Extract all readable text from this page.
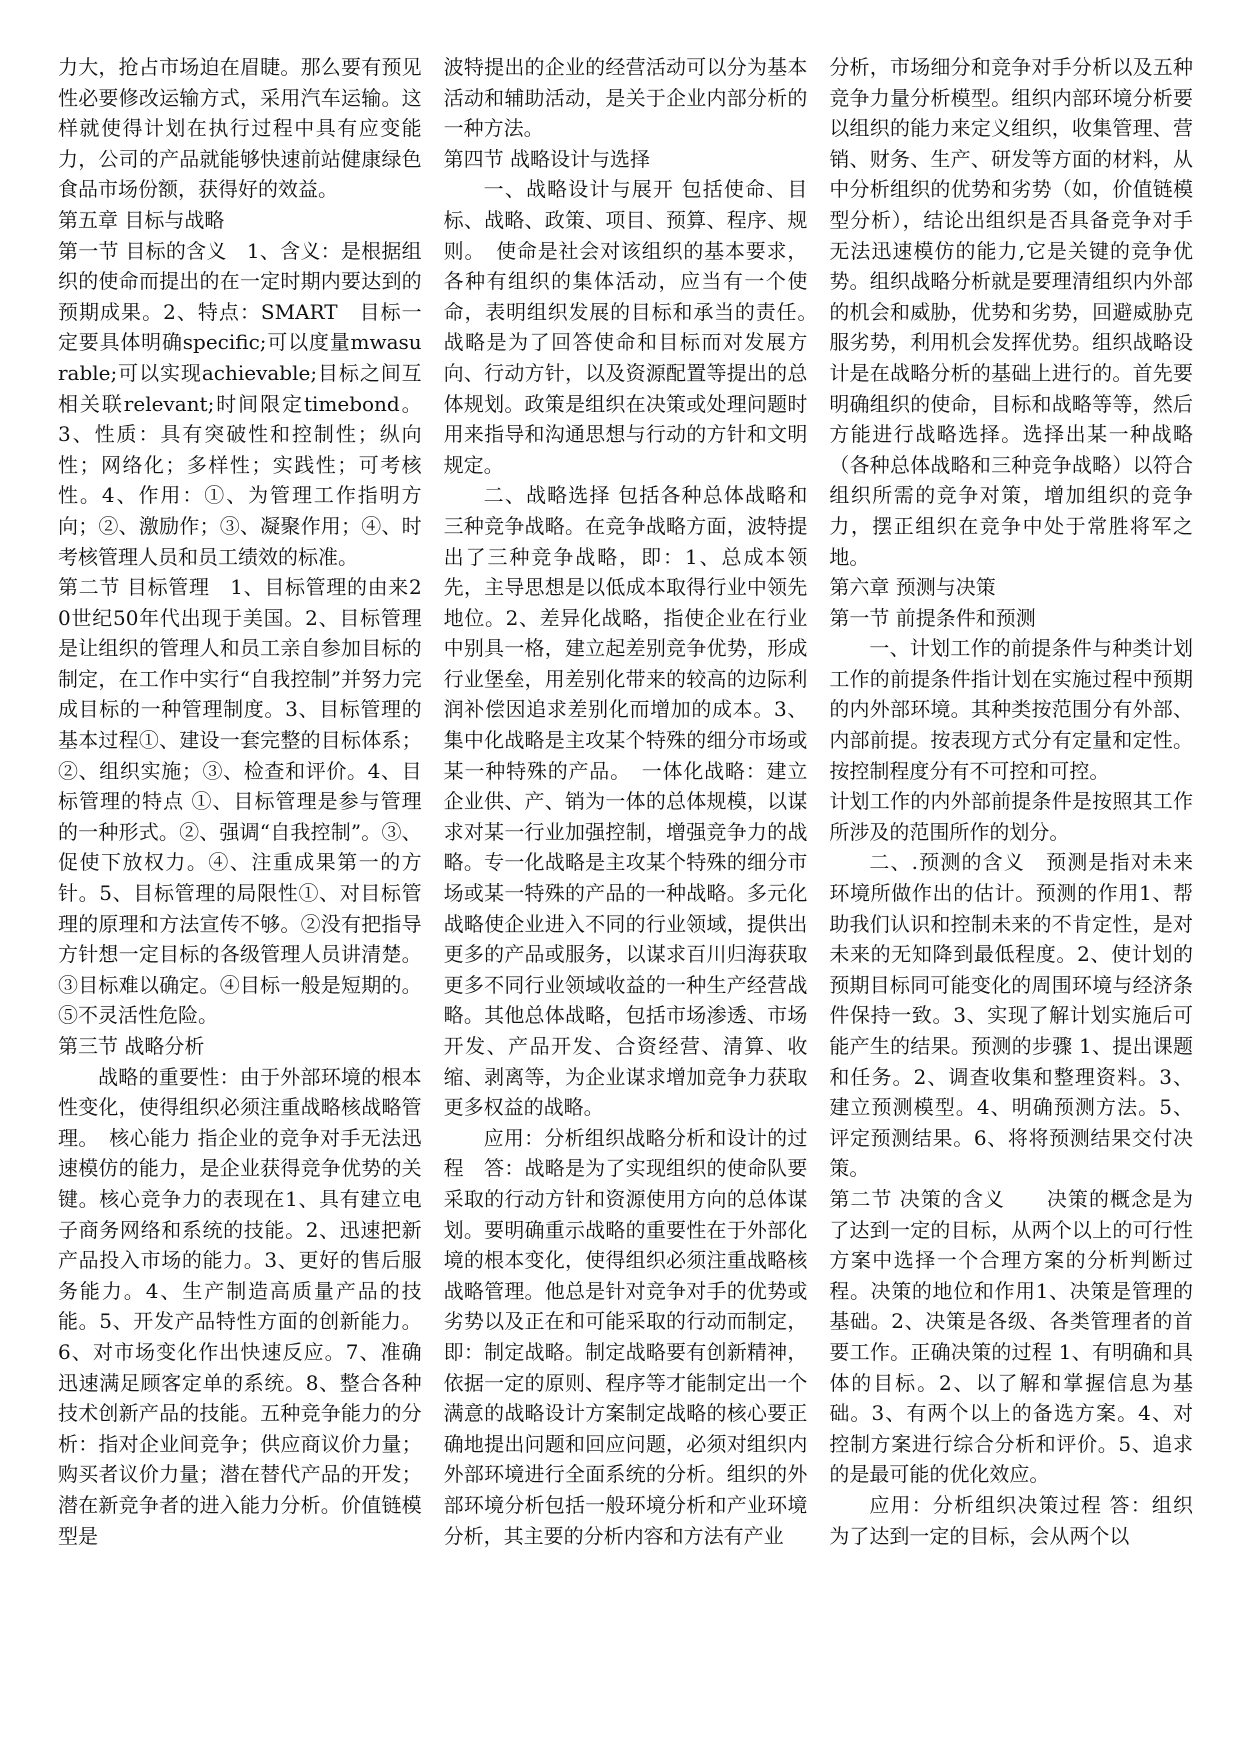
力大，抢占市场迫在眉睫。那么要有预见性必要修改运输方式，采用汽车运输。这样就使得计划在执行过程中具有应变能力，公司的产品就能够快速前站健康绿色食品市场份额，获得好的效益。

第五章 目标与战略

第一节 目标的含义　1、含义：是根据组织的使命而提出的在一定时期内要达到的预期成果。2、特点：SMART　目标一定要具体明确specific;可以度量mwasurable;可以实现achievable;目标之间互相关联relevant;时间限定timebond。3、性质：具有突破性和控制性；纵向性；网络化；多样性；实践性；可考核性。4、作用：①、为管理工作指明方向；②、激励作；③、凝聚作用；④、时考核管理人员和员工绩效的标准。

第二节 目标管理　1、目标管理的由来20世纪50年代出现于美国。2、目标管理是让组织的管理人和员工亲自参加目标的制定，在工作中实行“自我控制”并努力完成目标的一种管理制度。3、目标管理的基本过程①、建设一套完整的目标体系；②、组织实施；③、检查和评价。4、目标管理的特点 ①、目标管理是参与管理的一种形式。②、强调“自我控制”。③、促使下放权力。④、注重成果第一的方针。5、目标管理的局限性①、对目标管理的原理和方法宣传不够。②没有把指导方针想一定目标的各级管理人员讲清楚。③目标难以确定。④目标一般是短期的。⑤不灵活性危险。

第三节 战略分析

战略的重要性：由于外部环境的根本性变化，使得组织必须注重战略核战略管理。　核心能力 指企业的竞争对手无法迅速模仿的能力，是企业获得竞争优势的关键。核心竞争力的表现在1、具有建立电子商务网络和系统的技能。2、迅速把新产品投入市场的能力。3、更好的售后服务能力。4、生产制造高质量产品的技能。5、开发产品特性方面的创新能力。6、对市场变化作出快速反应。7、准确迅速满足顾客定单的系统。8、整合各种技术创新产品的技能。五种竞争能力的分析：指对企业间竞争；供应商议价力量；购买者议价力量；潜在替代产品的开发；潜在新竞争者的进入能力分析。价值链模型是

波特提出的企业的经营活动可以分为基本活动和辅助活动，是关于企业内部分析的一种方法。

第四节 战略设计与选择

一、战略设计与展开 包括使命、目标、战略、政策、项目、预算、程序、规则。　使命是社会对该组织的基本要求，各种有组织的集体活动，应当有一个使命，表明组织发展的目标和承当的责任。　战略是为了回答使命和目标而对发展方向、行动方针，以及资源配置等提出的总体规划。政策是组织在决策或处理问题时用来指导和沟通思想与行动的方针和文明规定。

二、战略选择 包括各种总体战略和三种竞争战略。在竞争战略方面，波特提出了三种竞争战略，即：1、总成本领先，主导思想是以低成本取得行业中领先地位。2、差异化战略，指使企业在行业中别具一格，建立起差别竞争优势，形成行业堡垒，用差别化带来的较高的边际利润补偿因追求差别化而增加的成本。3、集中化战略是主攻某个特殊的细分市场或某一种特殊的产品。　一体化战略：建立企业供、产、销为一体的总体规模，以谋求对某一行业加强控制，增强竞争力的战略。专一化战略是主攻某个特殊的细分市场或某一特殊的产品的一种战略。多元化战略使企业进入不同的行业领域，提供出更多的产品或服务，以谋求百川归海获取更多不同行业领域收益的一种生产经营战略。其他总体战略，包括市场渗透、市场开发、产品开发、合资经营、清算、收缩、剥离等，为企业谋求增加竞争力获取更多权益的战略。

应用：分析组织战略分析和设计的过程　答：战略是为了实现组织的使命队要采取的行动方针和资源使用方向的总体谋划。要明确重示战略的重要性在于外部化境的根本变化，使得组织必须注重战略核战略管理。他总是针对竞争对手的优势或劣势以及正在和可能采取的行动而制定，即：制定战略。制定战略要有创新精神，依据一定的原则、程序等才能制定出一个满意的战略设计方案制定战略的核心要正确地提出问题和回应问题，必须对组织内外部环境进行全面系统的分析。组织的外部环境分析包括一般环境分析和产业环境分析，其主要的分析内容和方法有产业

分析，市场细分和竞争对手分析以及五种竞争力量分析模型。组织内部环境分析要以组织的能力来定义组织，收集管理、营销、财务、生产、研发等方面的材料，从中分析组织的优势和劣势（如，价值链模型分析），结论出组织是否具备竞争对手无法迅速模仿的能力,它是关键的竞争优势。组织战略分析就是要理清组织内外部的机会和威胁，优势和劣势，回避威胁克服劣势，利用机会发挥优势。组织战略设计是在战略分析的基础上进行的。首先要明确组织的使命，目标和战略等等，然后方能进行战略选择。选择出某一种战略（各种总体战略和三种竞争战略）以符合组织所需的竞争对策，增加组织的竞争力，摆正组织在竞争中处于常胜将军之地。

第六章 预测与决策

第一节 前提条件和预测

一、计划工作的前提条件与种类计划工作的前提条件指计划在实施过程中预期的内外部环境。其种类按范围分有外部、内部前提。按表现方式分有定量和定性。按控制程度分有不可控和可控。

计划工作的内外部前提条件是按照其工作所涉及的范围所作的划分。

二、.预测的含义　预测是指对未来环境所做作出的估计。预测的作用1、帮助我们认识和控制未来的不肯定性，是对未来的无知降到最低程度。2、使计划的预期目标同可能变化的周围环境与经济条件保持一致。3、实现了解计划实施后可能产生的结果。预测的步骤 1、提出课题和任务。2、调查收集和整理资料。3、建立预测模型。4、明确预测方法。5、评定预测结果。6、将将预测结果交付决策。

第二节 决策的含义　　决策的概念是为了达到一定的目标，从两个以上的可行性方案中选择一个合理方案的分析判断过程。决策的地位和作用1、决策是管理的基础。2、决策是各级、各类管理者的首要工作。正确决策的过程 1、有明确和具体的目标。2、以了解和掌握信息为基础。3、有两个以上的备选方案。4、对控制方案进行综合分析和评价。5、追求的是最可能的优化效应。

应用：分析组织决策过程 答：组织为了达到一定的目标，会从两个以
